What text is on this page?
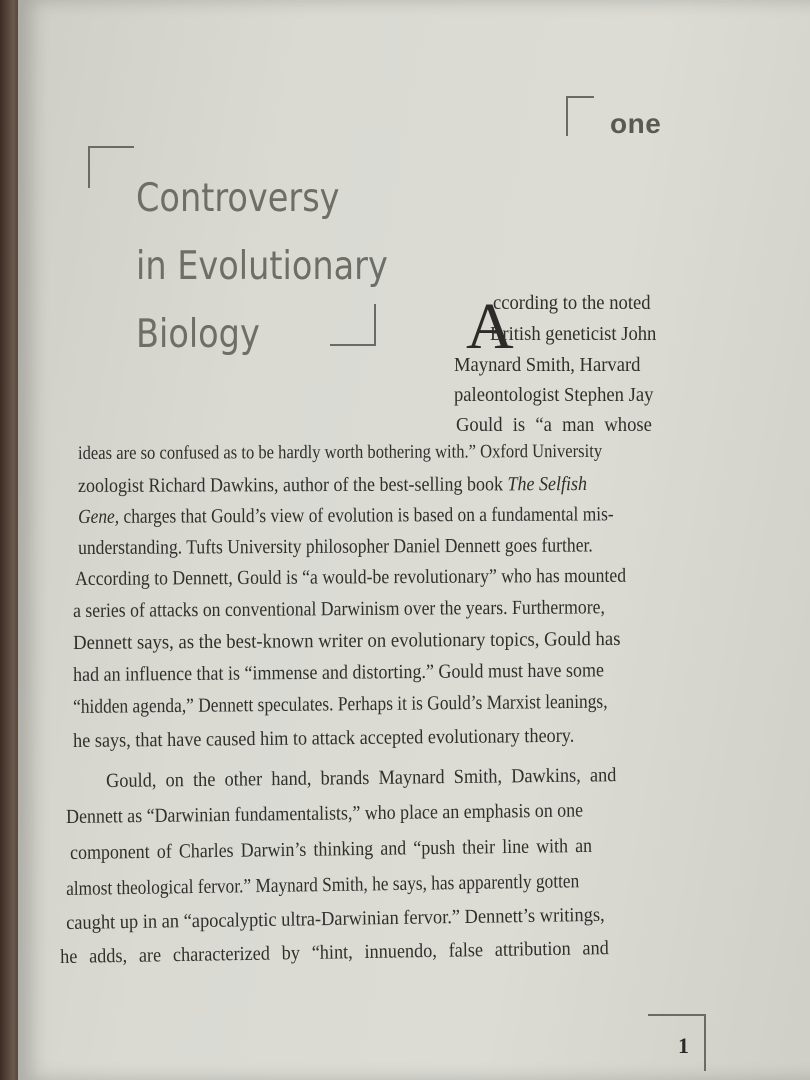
one
Controversy
in Evolutionary
Biology	A
ccording to the noted
British geneticist John
Maynard Smith, Harvard
paleontologist Stephen Jay
Gould is “a man whose
ideas are so confused as to be hardly worth bothering with.” Oxford University
zoologist Richard Dawkins, author of the best-selling book The Selfish
Gene, charges that Gould’s view of evolution is based on a fundamental mis-
understanding. Tufts University philosopher Daniel Dennett goes further.
According to Dennett, Gould is “a would-be revolutionary” who has mounted
a series of attacks on conventional Darwinism over the years. Furthermore,
Dennett says, as the best-known writer on evolutionary topics, Gould has
had an influence that is “immense and distorting.” Gould must have some
“hidden agenda,” Dennett speculates. Perhaps it is Gould’s Marxist leanings,
he says, that have caused him to attack accepted evolutionary theory.
Gould, on the other hand, brands Maynard Smith, Dawkins, and
Dennett as “Darwinian fundamentalists,” who place an emphasis on one
component of Charles Darwin’s thinking and “push their line with an
almost theological fervor.” Maynard Smith, he says, has apparently gotten
caught up in an “apocalyptic ultra-Darwinian fervor.” Dennett’s writings,
he adds, are characterized by “hint, innuendo, false attribution and
1
